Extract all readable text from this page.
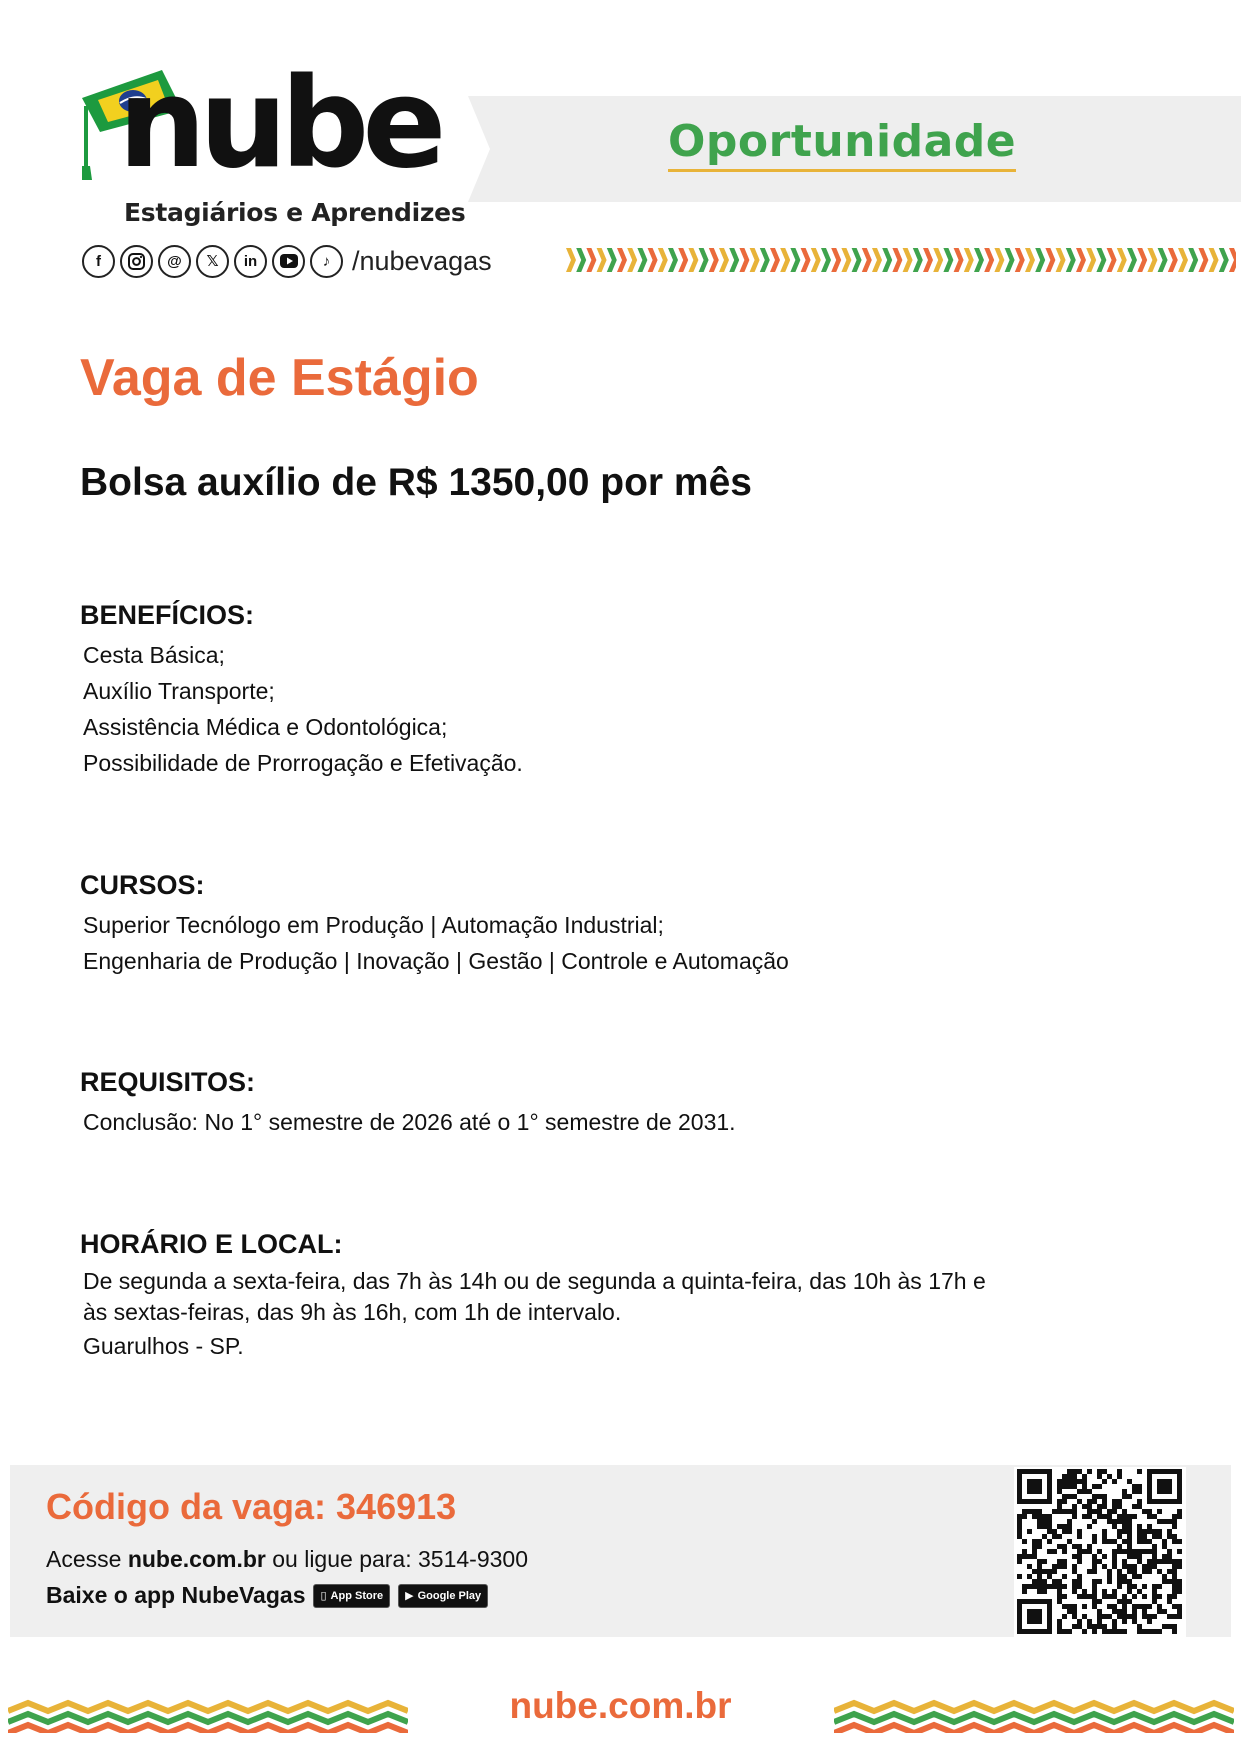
nube
Estagiários e Aprendizes
Oportunidade
f	@	𝕏	in	♪ /nubevagas
Vaga de Estágio
Bolsa auxílio de R$ 1350,00 por mês

BENEFÍCIOS:

Cesta Básica;

Auxílio Transporte;

Assistência Médica e Odontológica;

Possibilidade de Prorrogação e Efetivação.

CURSOS:

Superior Tecnólogo em Produção | Automação Industrial;

Engenharia de Produção | Inovação | Gestão | Controle e Automação

REQUISITOS:

Conclusão: No 1° semestre de 2026 até o 1° semestre de 2031.

HORÁRIO E LOCAL:

De segunda a sexta-feira, das 7h às 14h ou de segunda a quinta-feira, das 10h às 17h e

às sextas-feiras, das 9h às 16h, com 1h de intervalo.

Guarulhos - SP.

Código da vaga: 346913
Acesse nube.com.br ou ligue para: 3514-9300
Baixe o app NubeVagas ▯ App Store ▶ Google Play
nube.com.br
